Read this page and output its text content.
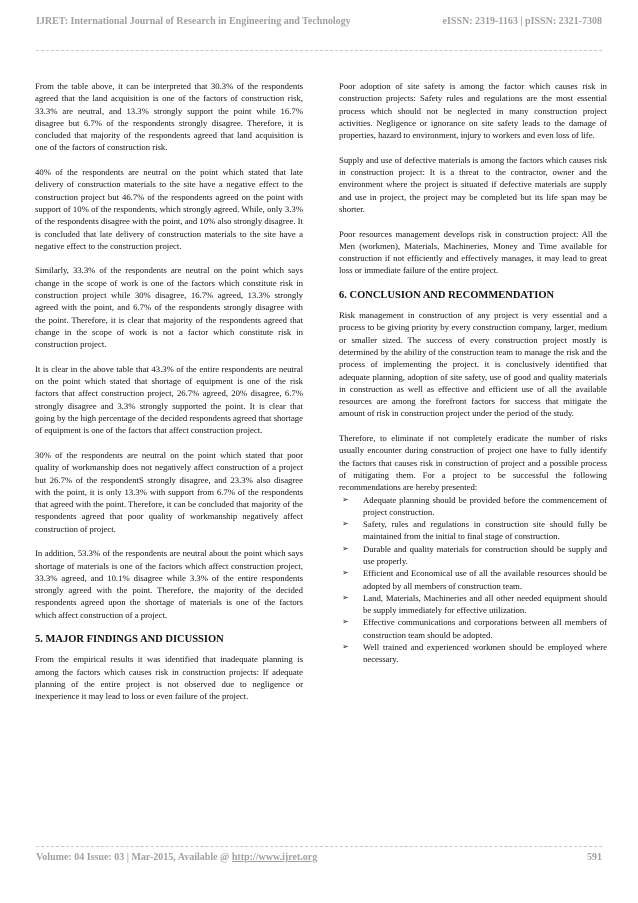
IJRET: International Journal of Research in Engineering and Technology	eISSN: 2319-1163 | pISSN: 2321-7308

From the table above, it can be interpreted that 30.3% of the respondents agreed that the land acquisition is one of the factors of construction risk, 33.3% are neutral, and 13.3% strongly support the point while 16.7% disagree but 6.7% of the respondents strongly disagree. Therefore, it is concluded that majority of the respondents agreed that land acquisition is one of the factors of construction risk.

40% of the respondents are neutral on the point which stated that late delivery of construction materials to the site have a negative effect to the construction project but 46.7% of the respondents agreed on the point with support of 10% of the respondents, which strongly agreed. While, only 3.3% of the respondents disagree with the point, and 10% also strongly disagree. It is concluded that late delivery of construction materials to the site have a negative effect to the construction project.

Similarly, 33.3% of the respondents are neutral on the point which says change in the scope of work is one of the factors which constitute risk in construction project while 30% disagree, 16.7% agreed, 13.3% strongly agreed with the point, and 6.7% of the respondents strongly disagree with the point. Therefore, it is clear that majority of the respondents agreed that change in the scope of work is not a factor which constitute risk in construction project.

It is clear in the above table that 43.3% of the entire respondents are neutral on the point which stated that shortage of equipment is one of the risk factors that affect construction project, 26.7% agreed, 20% disagree, 6.7% strongly disagree and 3.3% strongly supported the point. It is clear that going by the high percentage of the decided respondents agreed that shortage of equipment is one of the factors that affect construction project.

30% of the respondents are neutral on the point which stated that poor quality of workmanship does not negatively affect construction of a project but 26.7% of the respondentS strongly disagree, and 23.3% also disagree with the point, it is only 13.3% with support from 6.7% of the respondents that agreed with the point. Therefore, it can be concluded that majority of the respondents agreed that poor quality of workmanship negatively affect construction of project.

In addition, 53.3% of the respondents are neutral about the point which says shortage of materials is one of the factors which affect construction project, 33.3% agreed, and 10.1% disagree while 3.3% of the entire respondents strongly agreed with the point. Therefore, the majority of the decided respondents agreed upon the shortage of materials is one of the factors which affect construction of a project.

5. MAJOR FINDINGS AND DICUSSION

From the empirical results it was identified that inadequate planning is among the factors which causes risk in construction projects: If adequate planning of the entire project is not observed due to negligence or inexperience it may lead to loss or even failure of the project.

Poor adoption of site safety is among the factor which causes risk in construction projects: Safety rules and regulations are the most essential process which should not be neglected in many construction project activities. Negligence or ignorance on site safety leads to the damage of properties, hazard to environment, injury to workers and even loss of life.

Supply and use of defective materials is among the factors which causes risk in construction project: It is a threat to the contractor, owner and the environment where the project is situated if defective materials are supply and use in project, the project may be completed but its life span may be shorter.

Poor resources management develops risk in construction project: All the Men (workmen), Materials, Machineries, Money and Time available for construction if not efficiently and effectively manages, it may lead to great loss or immediate failure of the entire project.

6. CONCLUSION AND RECOMMENDATION

Risk management in construction of any project is very essential and a process to be giving priority by every construction company, larger, medium or smaller sized. The success of every construction project mostly is determined by the ability of the construction team to manage the risk and the process of implementing the project. it is conclusively identified that adequate planning, adoption of site safety, use of good and quality materials in construction as well as effective and efficient use of all the available resources are among the forefront factors for success that mitigate the amount of risk in construction project under the period of the study.

Therefore, to eliminate if not completely eradicate the number of risks usually encounter during construction of project one have to fully identify the factors that causes risk in construction of project and a possible process of mitigating them. For a project to be successful the following recommendations are hereby presented:

➢ Adequate planning should be provided before the commencement of project construction.
➢ Safety, rules and regulations in construction site should fully be maintained from the initial to final stage of construction.
➢ Durable and quality materials for construction should be supply and use properly.
➢ Efficient and Economical use of all the available resources should be adopted by all members of construction team.
➢ Land, Materials, Machineries and all other needed equipment should be supply immediately for effective utilization.
➢ Effective communications and corporations between all members of construction team should be adopted.
➢ Well trained and experienced workmen should be employed where necessary.
Volume: 04 Issue: 03 | Mar-2015, Available @ http://www.ijret.org	591
